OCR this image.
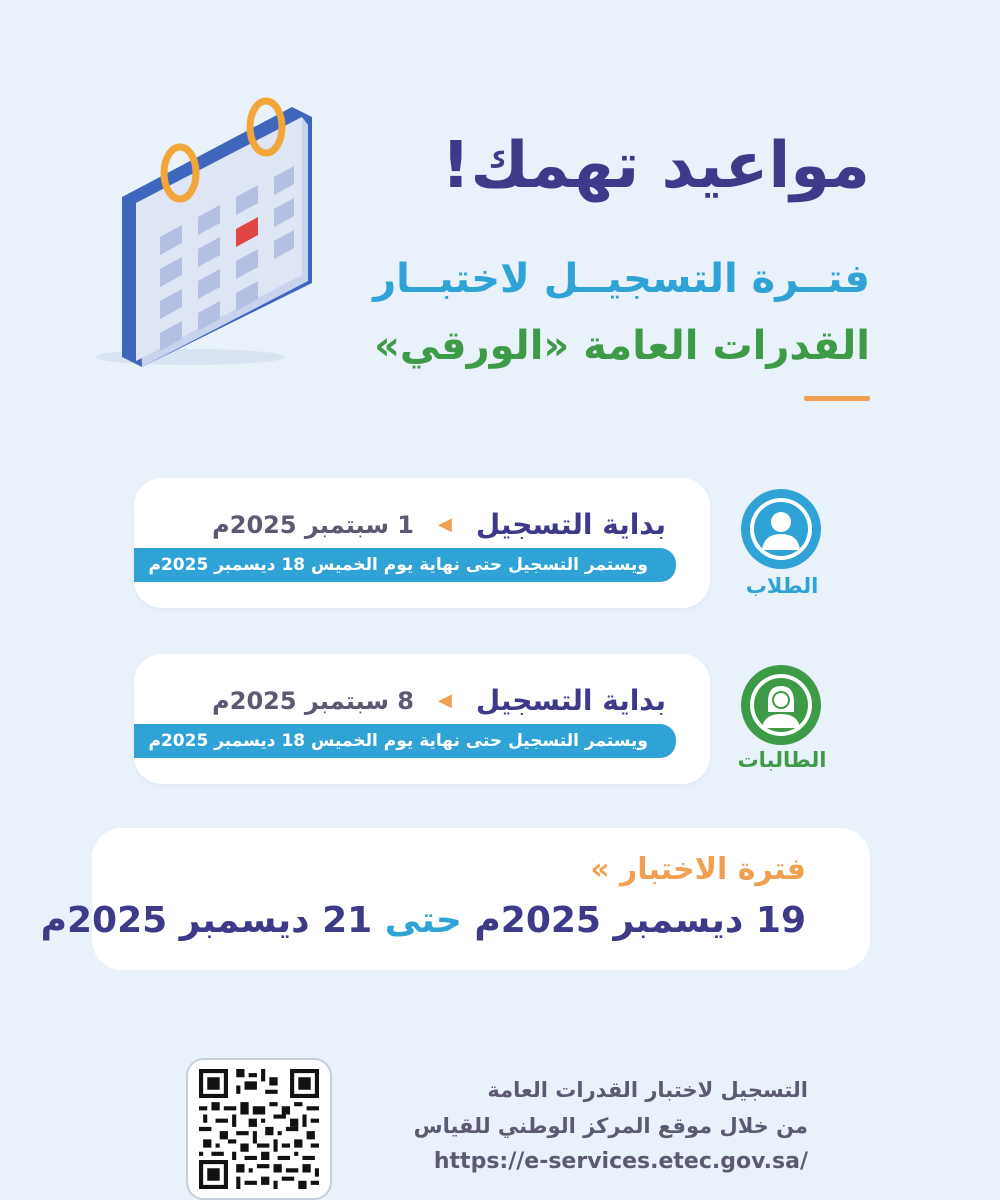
مواعيد تهمك!
فتــرة التسجيــل لاختبــار
القدرات العامة «الورقي»
بداية التسجيل
◀
1 سبتمبر 2025م
ويستمر التسجيل حتى نهاية يوم الخميس 18 ديسمبر 2025م
الطلاب
بداية التسجيل
◀
8 سبتمبر 2025م
ويستمر التسجيل حتى نهاية يوم الخميس 18 ديسمبر 2025م
الطالبات
فترة الاختبار »
19 ديسمبر 2025م حتى 21 ديسمبر 2025م
التسجيل لاختبار القدرات العامة
من خلال موقع المركز الوطني للقياس
https://e-services.etec.gov.sa/
